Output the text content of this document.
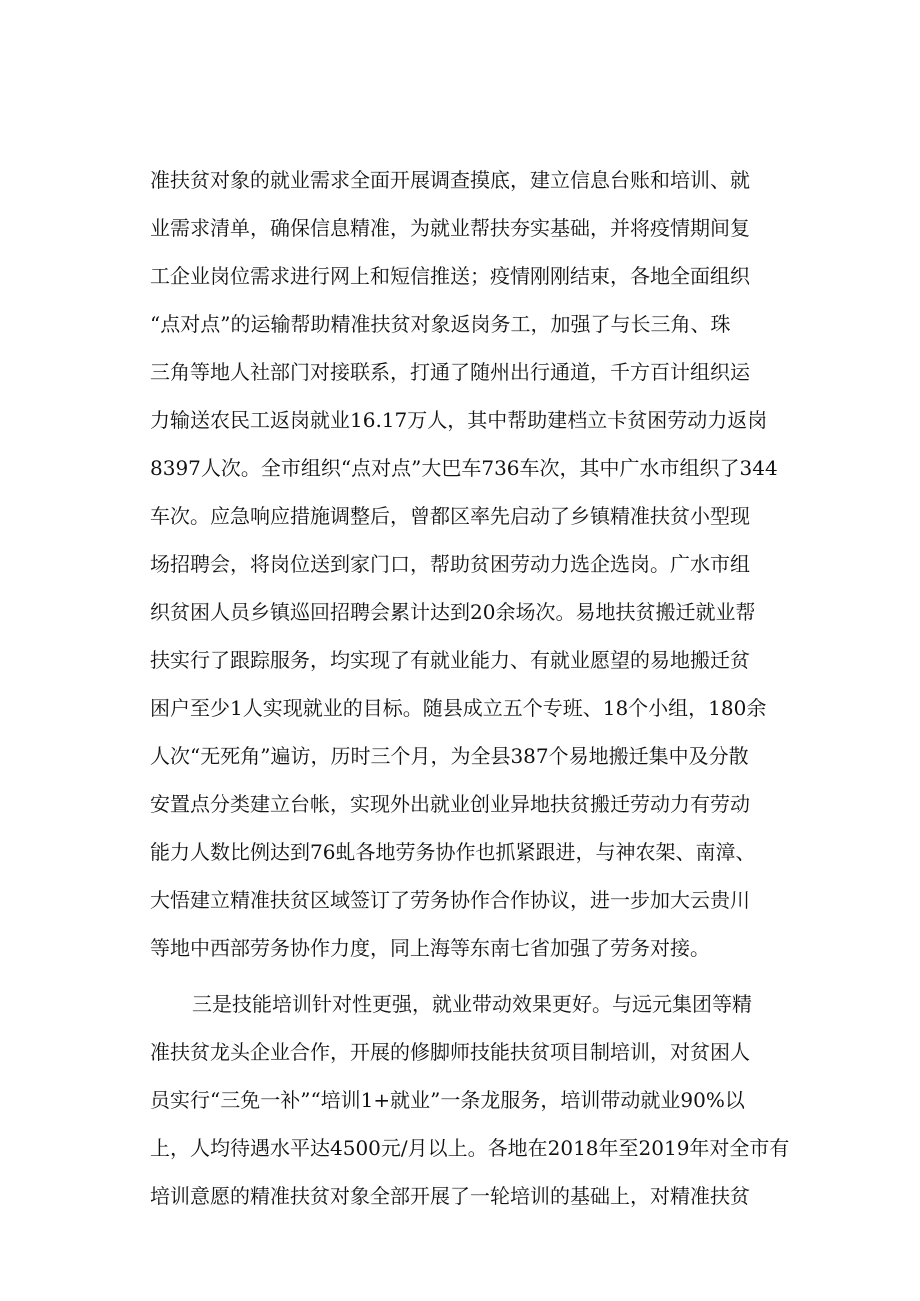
准扶贫对象的就业需求全面开展调查摸底，建立信息台账和培训、就
业需求清单，确保信息精准，为就业帮扶夯实基础，并将疫情期间复
工企业岗位需求进行网上和短信推送；疫情刚刚结束，各地全面组织
“点对点”的运输帮助精准扶贫对象返岗务工，加强了与长三角、珠
三角等地人社部门对接联系，打通了随州出行通道，千方百计组织运
力输送农民工返岗就业16.17万人，其中帮助建档立卡贫困劳动力返岗
8397人次。全市组织“点对点”大巴车736车次，其中广水市组织了344
车次。应急响应措施调整后，曾都区率先启动了乡镇精准扶贫小型现
场招聘会，将岗位送到家门口，帮助贫困劳动力选企选岗。广水市组
织贫困人员乡镇巡回招聘会累计达到20余场次。易地扶贫搬迁就业帮
扶实行了跟踪服务，均实现了有就业能力、有就业愿望的易地搬迁贫
困户至少1人实现就业的目标。随县成立五个专班、18个小组，180余
人次“无死角”遍访，历时三个月，为全县387个易地搬迁集中及分散
安置点分类建立台帐，实现外出就业创业异地扶贫搬迁劳动力有劳动
能力人数比例达到76虬各地劳务协作也抓紧跟进，与神农架、南漳、
大悟建立精准扶贫区域签订了劳务协作合作协议，进一步加大云贵川
等地中西部劳务协作力度，同上海等东南七省加强了劳务对接。
三是技能培训针对性更强，就业带动效果更好。与远元集团等精
准扶贫龙头企业合作，开展的修脚师技能扶贫项目制培训，对贫困人
员实行“三免一补”“培训1+就业”一条龙服务，培训带动就业90%以
上，人均待遇水平达4500元/月以上。各地在2018年至2019年对全市有
培训意愿的精准扶贫对象全部开展了一轮培训的基础上，对精准扶贫
